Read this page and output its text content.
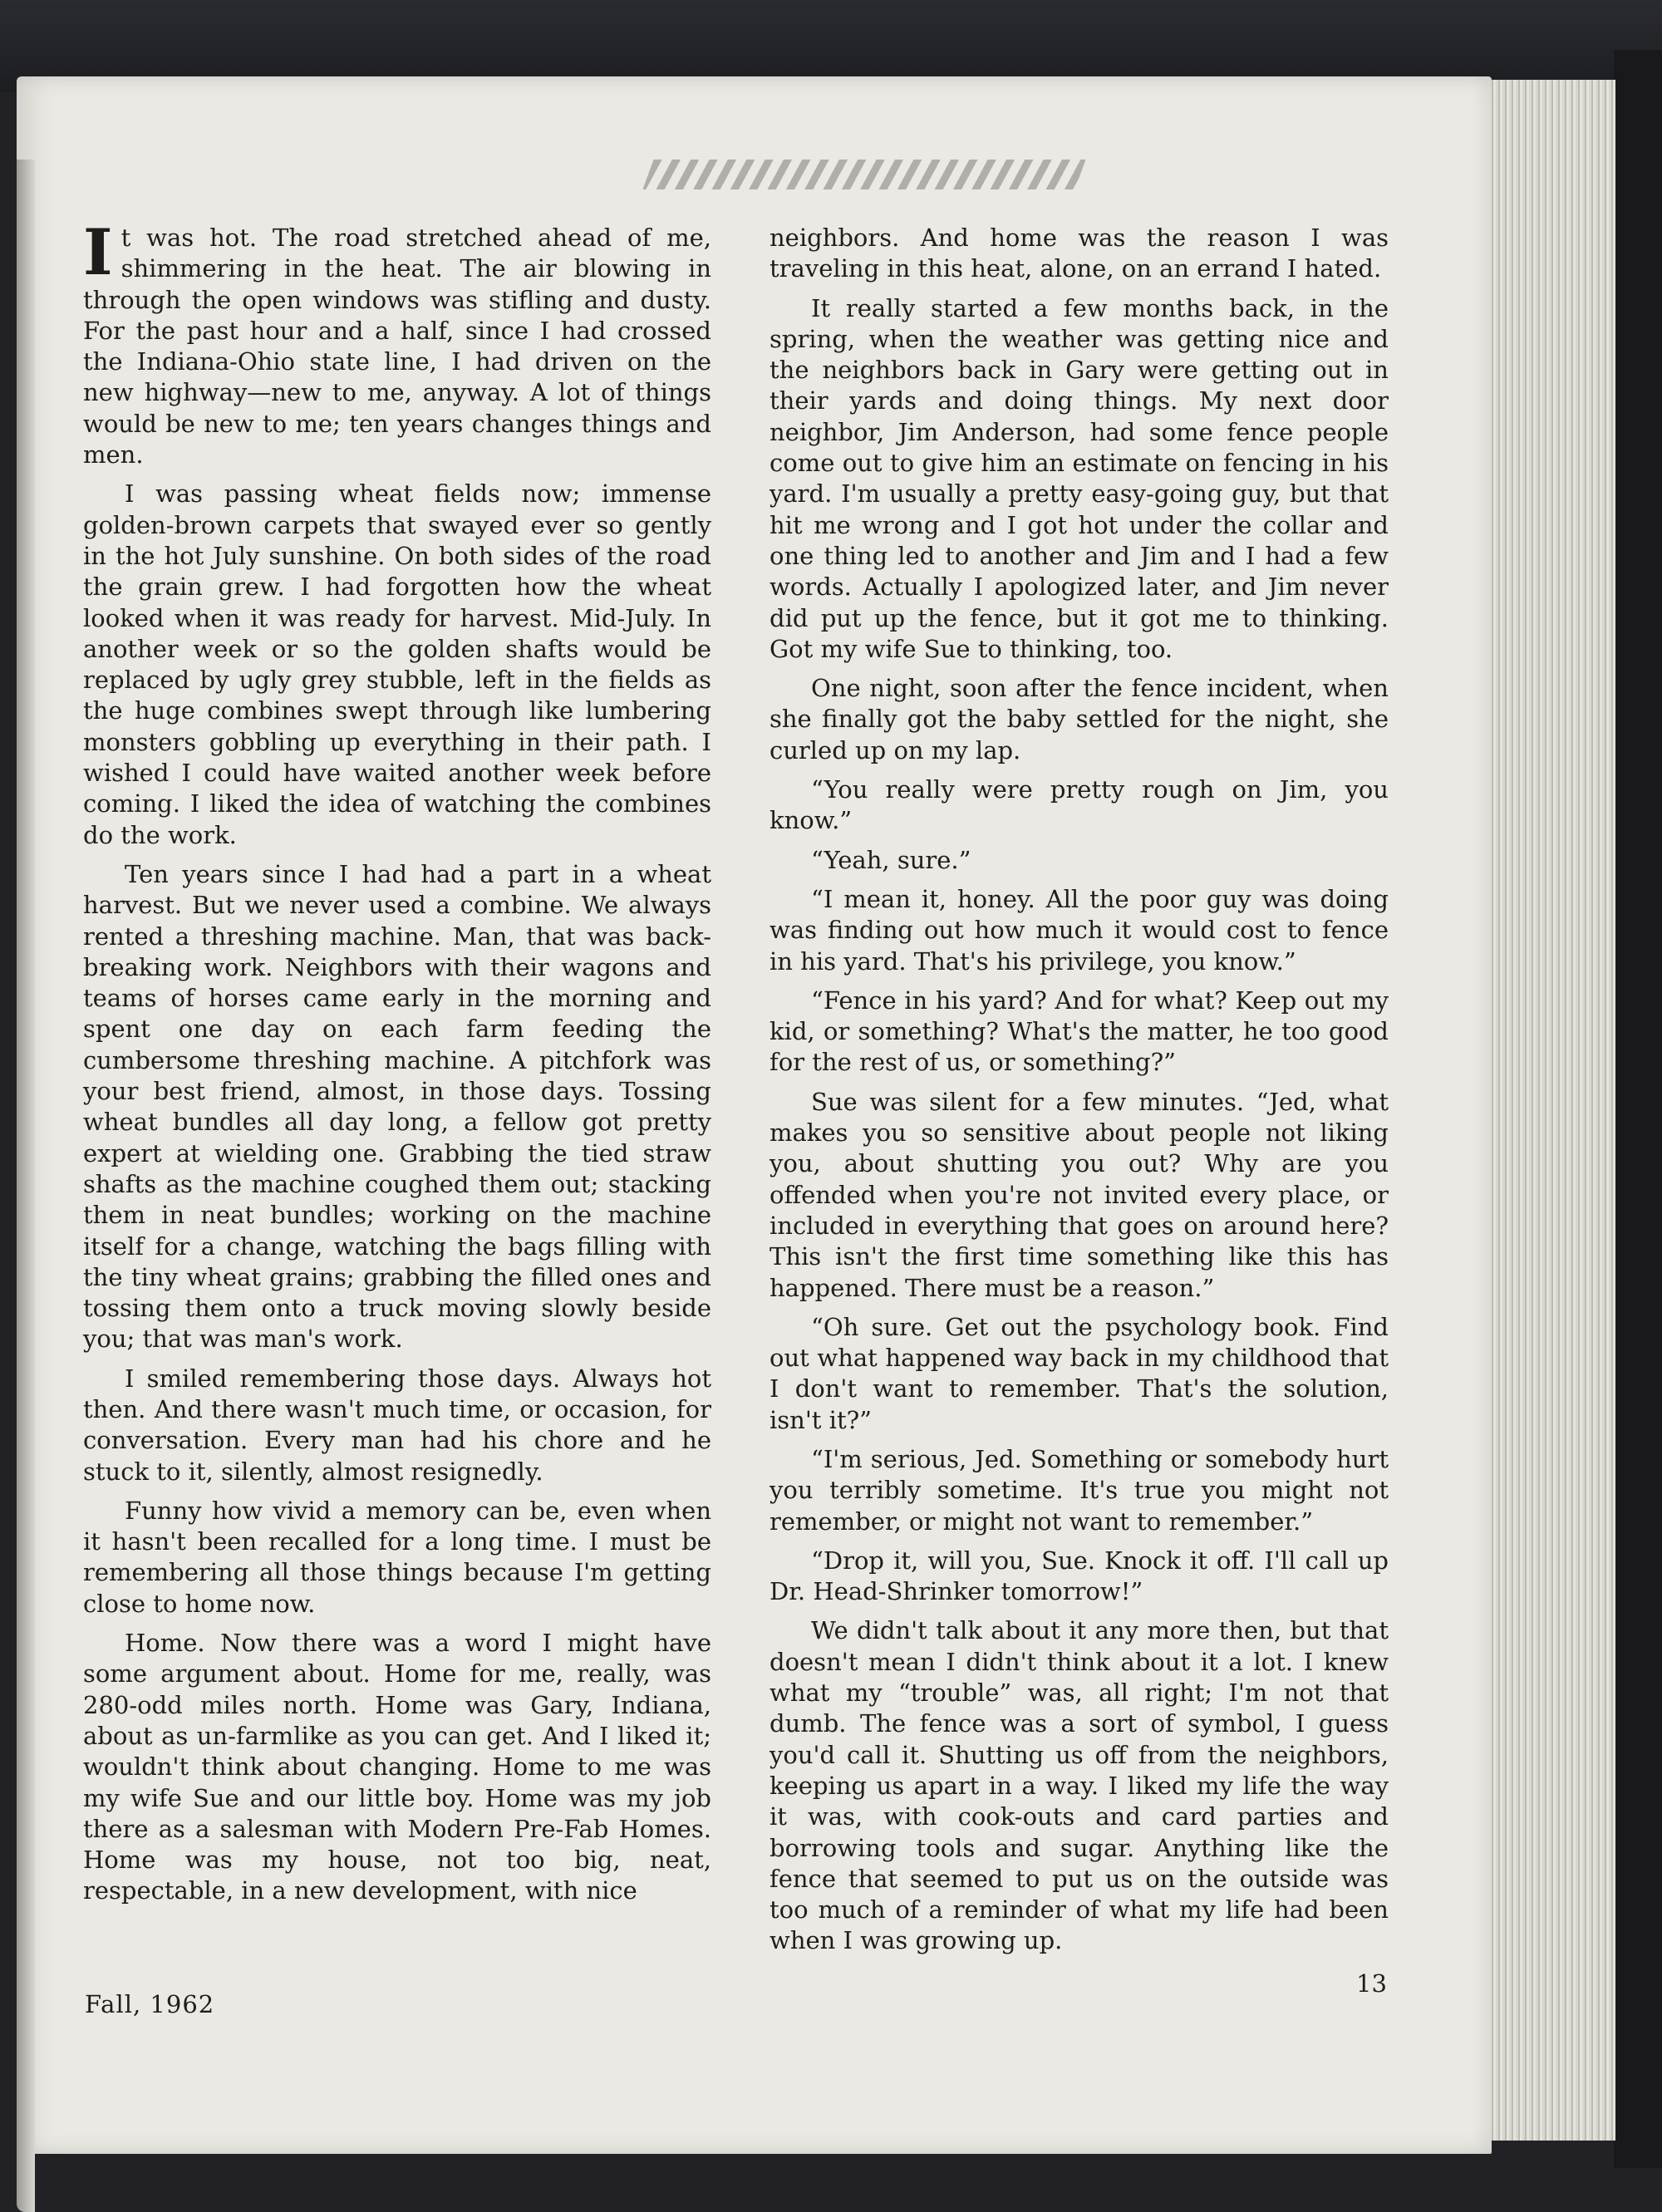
It was hot. The road stretched ahead of me, shimmering in the heat. The air blowing in through the open windows was stifling and dusty. For the past hour and a half, since I had crossed the Indiana-Ohio state line, I had driven on the new highway—new to me, anyway. A lot of things would be new to me; ten years changes things and men.

I was passing wheat fields now; immense golden-brown carpets that swayed ever so gently in the hot July sunshine. On both sides of the road the grain grew. I had forgotten how the wheat looked when it was ready for harvest. Mid-July. In another week or so the golden shafts would be replaced by ugly grey stubble, left in the fields as the huge combines swept through like lumbering monsters gobbling up everything in their path. I wished I could have waited another week before coming. I liked the idea of watching the combines do the work.

Ten years since I had had a part in a wheat harvest. But we never used a combine. We always rented a threshing machine. Man, that was back-breaking work. Neighbors with their wagons and teams of horses came early in the morning and spent one day on each farm feeding the cumbersome threshing machine. A pitchfork was your best friend, almost, in those days. Tossing wheat bundles all day long, a fellow got pretty expert at wielding one. Grabbing the tied straw shafts as the machine coughed them out; stacking them in neat bundles; working on the machine itself for a change, watching the bags filling with the tiny wheat grains; grabbing the filled ones and tossing them onto a truck moving slowly beside you; that was man's work.

I smiled remembering those days. Always hot then. And there wasn't much time, or occasion, for conversation. Every man had his chore and he stuck to it, silently, almost resignedly.

Funny how vivid a memory can be, even when it hasn't been recalled for a long time. I must be remembering all those things because I'm getting close to home now.

Home. Now there was a word I might have some argument about. Home for me, really, was 280-odd miles north. Home was Gary, Indiana, about as un-farmlike as you can get. And I liked it; wouldn't think about changing. Home to me was my wife Sue and our little boy. Home was my job there as a salesman with Modern Pre-Fab Homes. Home was my house, not too big, neat, respectable, in a new development, with nice

neighbors. And home was the reason I was traveling in this heat, alone, on an errand I hated.

It really started a few months back, in the spring, when the weather was getting nice and the neighbors back in Gary were getting out in their yards and doing things. My next door neighbor, Jim Anderson, had some fence people come out to give him an estimate on fencing in his yard. I'm usually a pretty easy-going guy, but that hit me wrong and I got hot under the collar and one thing led to another and Jim and I had a few words. Actually I apologized later, and Jim never did put up the fence, but it got me to thinking. Got my wife Sue to thinking, too.

One night, soon after the fence incident, when she finally got the baby settled for the night, she curled up on my lap.

“You really were pretty rough on Jim, you know.”

“Yeah, sure.”

“I mean it, honey. All the poor guy was doing was finding out how much it would cost to fence in his yard. That's his privilege, you know.”

“Fence in his yard? And for what? Keep out my kid, or something? What's the matter, he too good for the rest of us, or something?”

Sue was silent for a few minutes. “Jed, what makes you so sensitive about people not liking you, about shutting you out? Why are you offended when you're not invited every place, or included in everything that goes on around here? This isn't the first time something like this has happened. There must be a reason.”

“Oh sure. Get out the psychology book. Find out what happened way back in my childhood that I don't want to remember. That's the solution, isn't it?”

“I'm serious, Jed. Something or somebody hurt you terribly sometime. It's true you might not remember, or might not want to remember.”

“Drop it, will you, Sue. Knock it off. I'll call up Dr. Head-Shrinker tomorrow!”

We didn't talk about it any more then, but that doesn't mean I didn't think about it a lot. I knew what my “trouble” was, all right; I'm not that dumb. The fence was a sort of symbol, I guess you'd call it. Shutting us off from the neighbors, keeping us apart in a way. I liked my life the way it was, with cook-outs and card parties and borrowing tools and sugar. Anything like the fence that seemed to put us on the outside was too much of a reminder of what my life had been when I was growing up.

Fall, 1962
13
